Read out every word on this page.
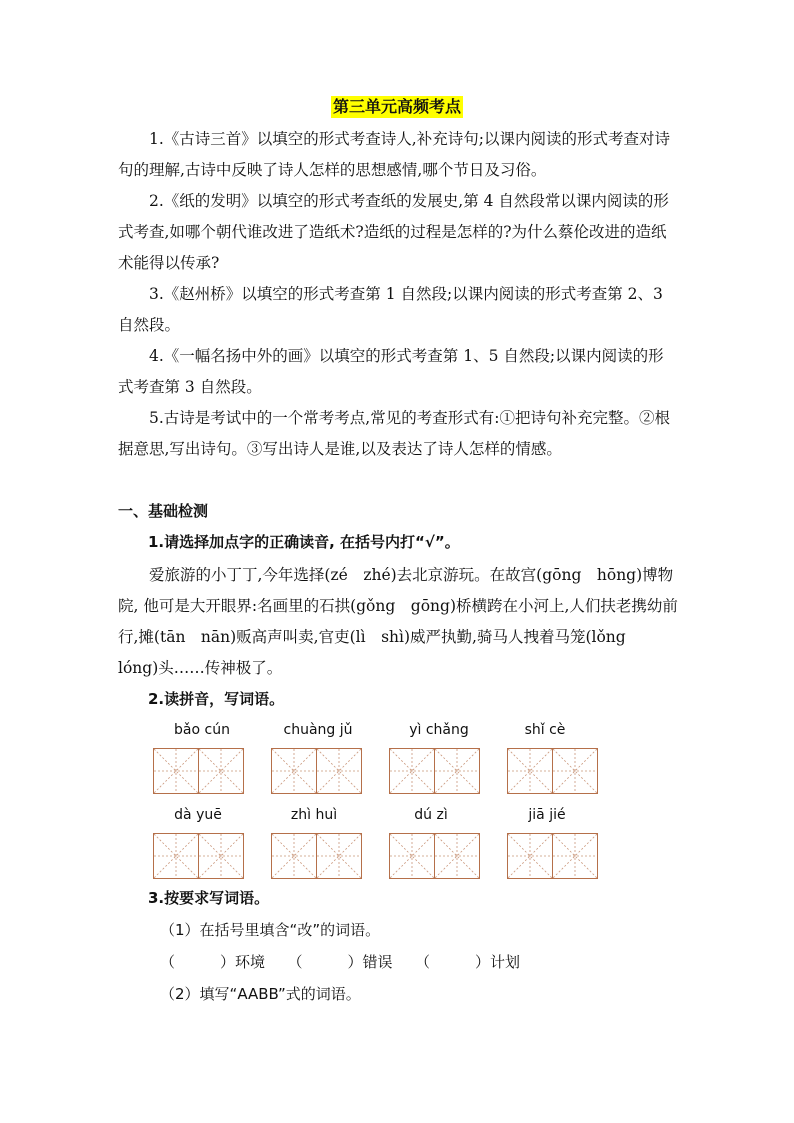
第三单元高频考点

1.《古诗三首》以填空的形式考查诗人,补充诗句;以课内阅读的形式考查对诗句的理解,古诗中反映了诗人怎样的思想感情,哪个节日及习俗。

2.《纸的发明》以填空的形式考查纸的发展史,第 4 自然段常以课内阅读的形式考查,如哪个朝代谁改进了造纸术?造纸的过程是怎样的?为什么蔡伦改进的造纸术能得以传承?

3.《赵州桥》以填空的形式考查第 1 自然段;以课内阅读的形式考查第 2、3 自然段。

4.《一幅名扬中外的画》以填空的形式考查第 1、5 自然段;以课内阅读的形式考查第 3 自然段。

5.古诗是考试中的一个常考考点,常见的考查形式有:①把诗句补充完整。②根据意思,写出诗句。③写出诗人是谁,以及表达了诗人怎样的情感。

一、基础检测
1.请选择加点字的正确读音, 在括号内打“√”。

爱旅游的小丁丁,今年选择(zé　zhé)去北京游玩。在故宫(gōng　hōng)博物院, 他可是大开眼界:名画里的石拱(gǒng　gōng)桥横跨在小河上,人们扶老携幼前行,摊(tān　nān)贩高声叫卖,官吏(lì　shì)威严执勤,骑马人拽着马笼(lǒng　lóng)头……传神极了。

2.读拼音，写词语。
bǎo cún	chuàng jǔ	yì chǎng	shǐ cè
dà yuē	zhì huì	dú zì	jiā jié
3.按要求写词语。
（1）在括号里填含“改”的词语。
（　　　）环境　　（　　　）错误　　（　　　）计划
（2）填写“AABB”式的词语。
